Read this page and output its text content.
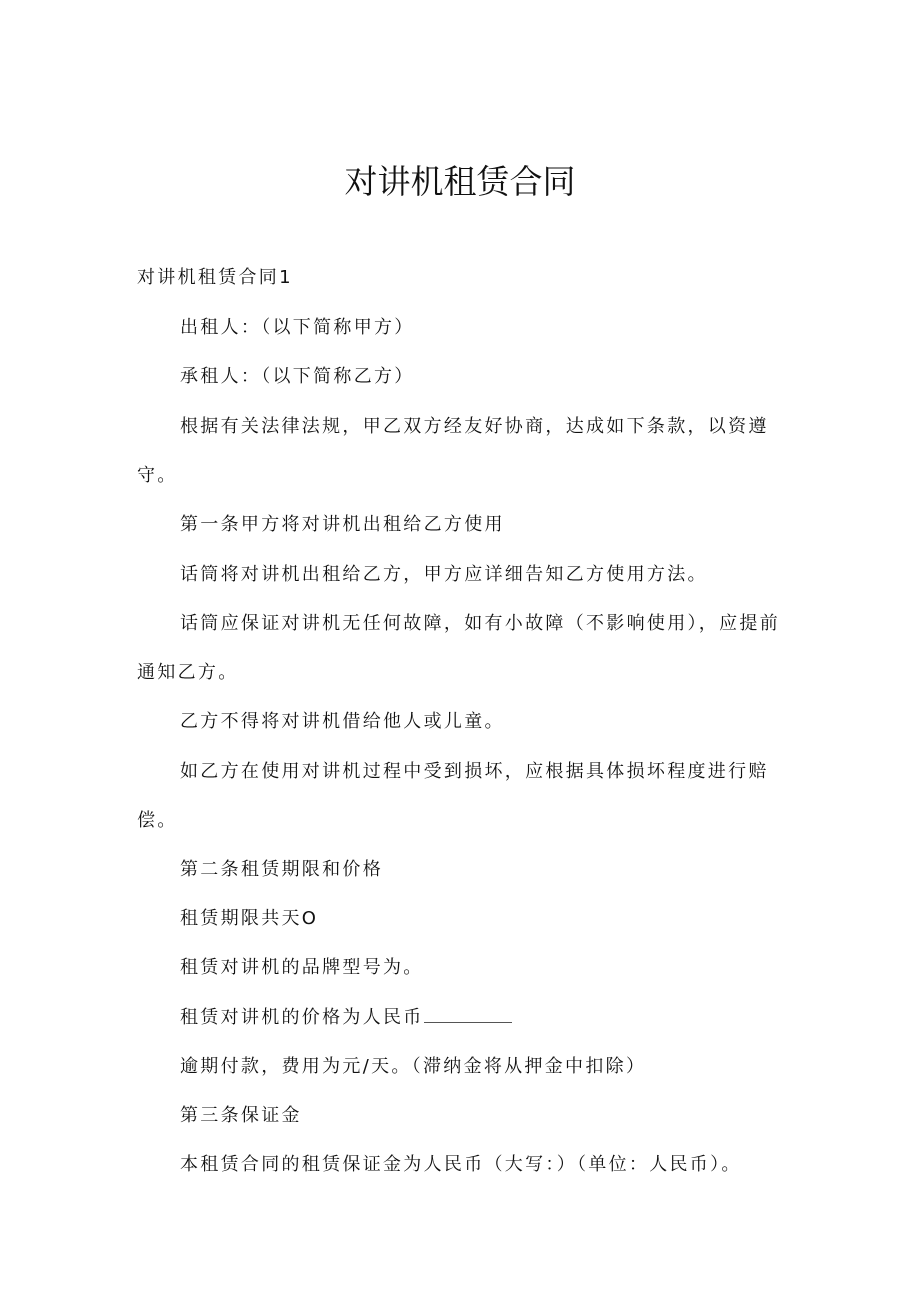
对讲机租赁合同
对讲机租赁合同1
出租人：（以下简称甲方）
承租人：（以下简称乙方）
根据有关法律法规，甲乙双方经友好协商，达成如下条款，以资遵
守。
第一条甲方将对讲机出租给乙方使用
话筒将对讲机出租给乙方，甲方应详细告知乙方使用方法。
话筒应保证对讲机无任何故障，如有小故障（不影响使用），应提前
通知乙方。
乙方不得将对讲机借给他人或儿童。
如乙方在使用对讲机过程中受到损坏，应根据具体损坏程度进行赔
偿。
第二条租赁期限和价格
租赁期限共天O
租赁对讲机的品牌型号为。
租赁对讲机的价格为人民币
逾期付款，费用为元/天。（滞纳金将从押金中扣除）
第三条保证金
本租赁合同的租赁保证金为人民币（大写：）（单位：人民币）。
